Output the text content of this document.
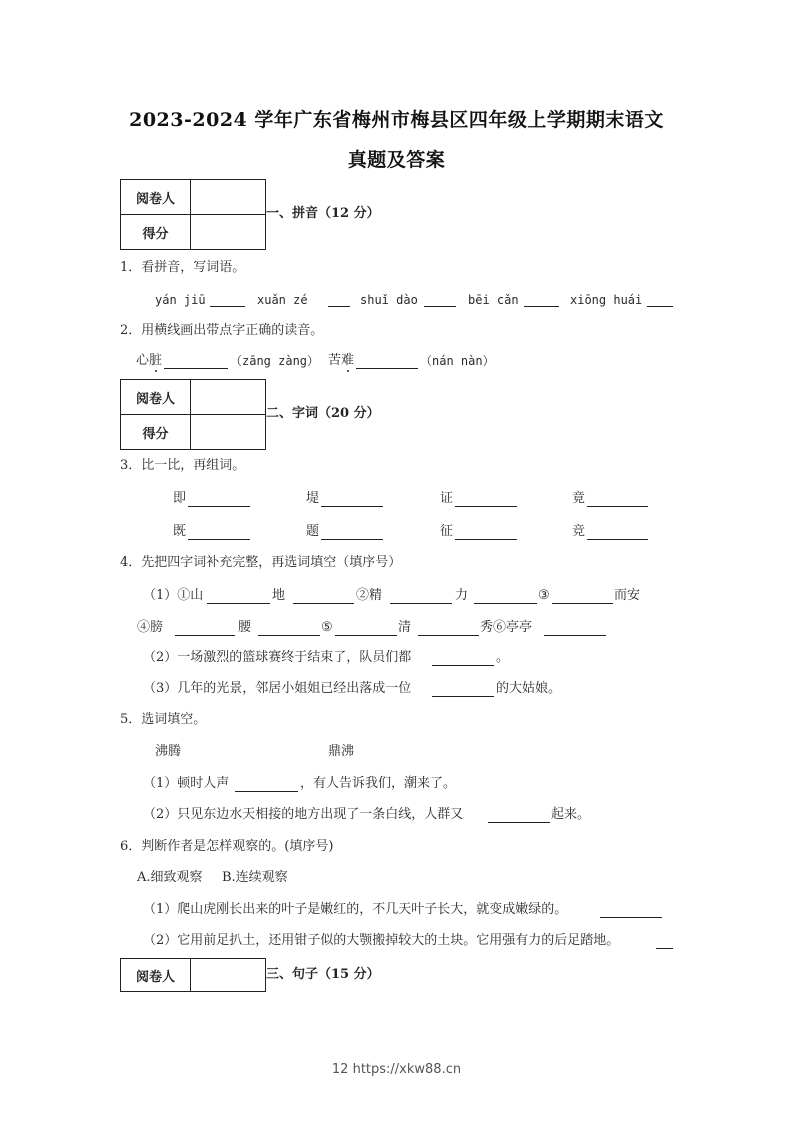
2023-2024 学年广东省梅州市梅县区四年级上学期期末语文
真题及答案
阅卷人	
得分	
一、拼音（12 分）
1．看拼音，写词语。
yán jiū	xuǎn zé	shuǐ dào	bēi cǎn	xiōng huái
2．用横线画出带点字正确的读音。
心脏	（zāng zàng） 苦难	（nán nàn）
阅卷人	
得分	
二、字词（20 分）
3．比一比，再组词。
即	堤	证	竟
既	题	征	竞
4．先把四字词补充完整，再选词填空（填序号）
（1）①山	地	②精	力	③	而安
④膀	腰	⑤	清	秀⑥亭亭
（2）一场激烈的篮球赛终于结束了，队员们都	。
（3）几年的光景，邻居小姐姐已经出落成一位	的大姑娘。
5．选词填空。
沸腾	鼎沸
（1）顿时人声	，有人告诉我们，潮来了。
（2）只见东边水天相接的地方出现了一条白线，人群又	起来。
6．判断作者是怎样观察的。(填序号)
A.细致观察 B.连续观察
（1）爬山虎刚长出来的叶子是嫩红的，不几天叶子长大，就变成嫩绿的。
（2）它用前足扒土，还用钳子似的大颚搬掉较大的土块。它用强有力的后足踏地。
阅卷人		三、句子（15 分）
12 https://xkw88.cn
